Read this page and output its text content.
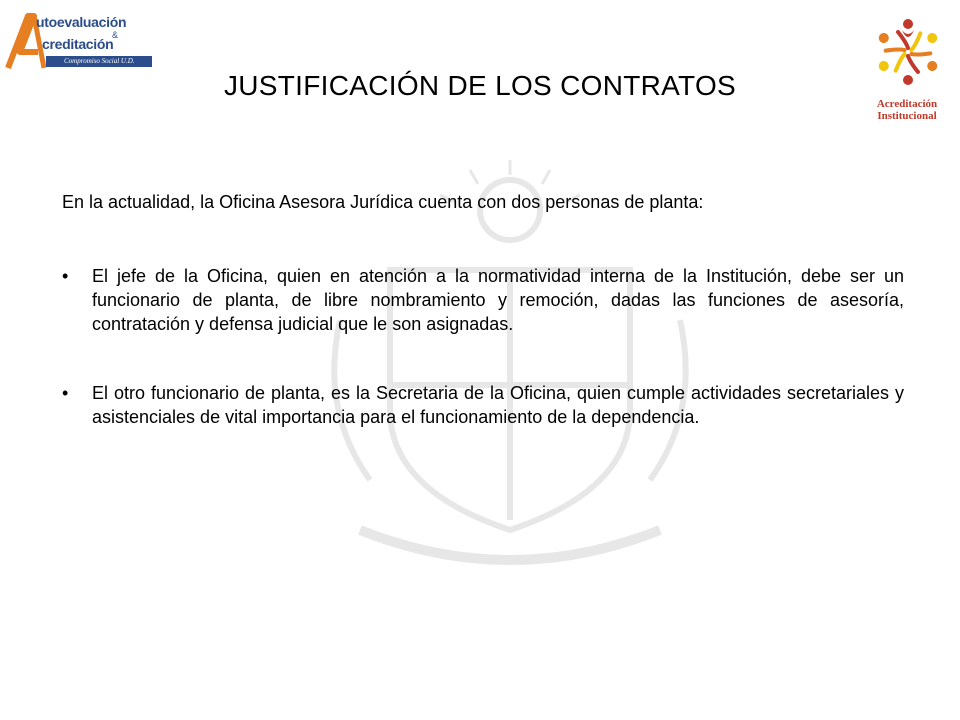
utoevaluación
&
creditación
Compromiso Social U.D.
Acreditación
Institucional
JUSTIFICACIÓN DE LOS CONTRATOS

En la actualidad, la Oficina Asesora Jurídica cuenta con dos personas de planta:

• El jefe de la Oficina, quien en atención a la normatividad interna de la Institución, debe ser un funcionario de planta, de libre nombramiento y remoción, dadas las funciones de asesoría, contratación y defensa judicial que le son asignadas.
• El otro funcionario de planta, es la Secretaria de la Oficina, quien cumple actividades secretariales y asistenciales de vital importancia para el funcionamiento de la dependencia.
